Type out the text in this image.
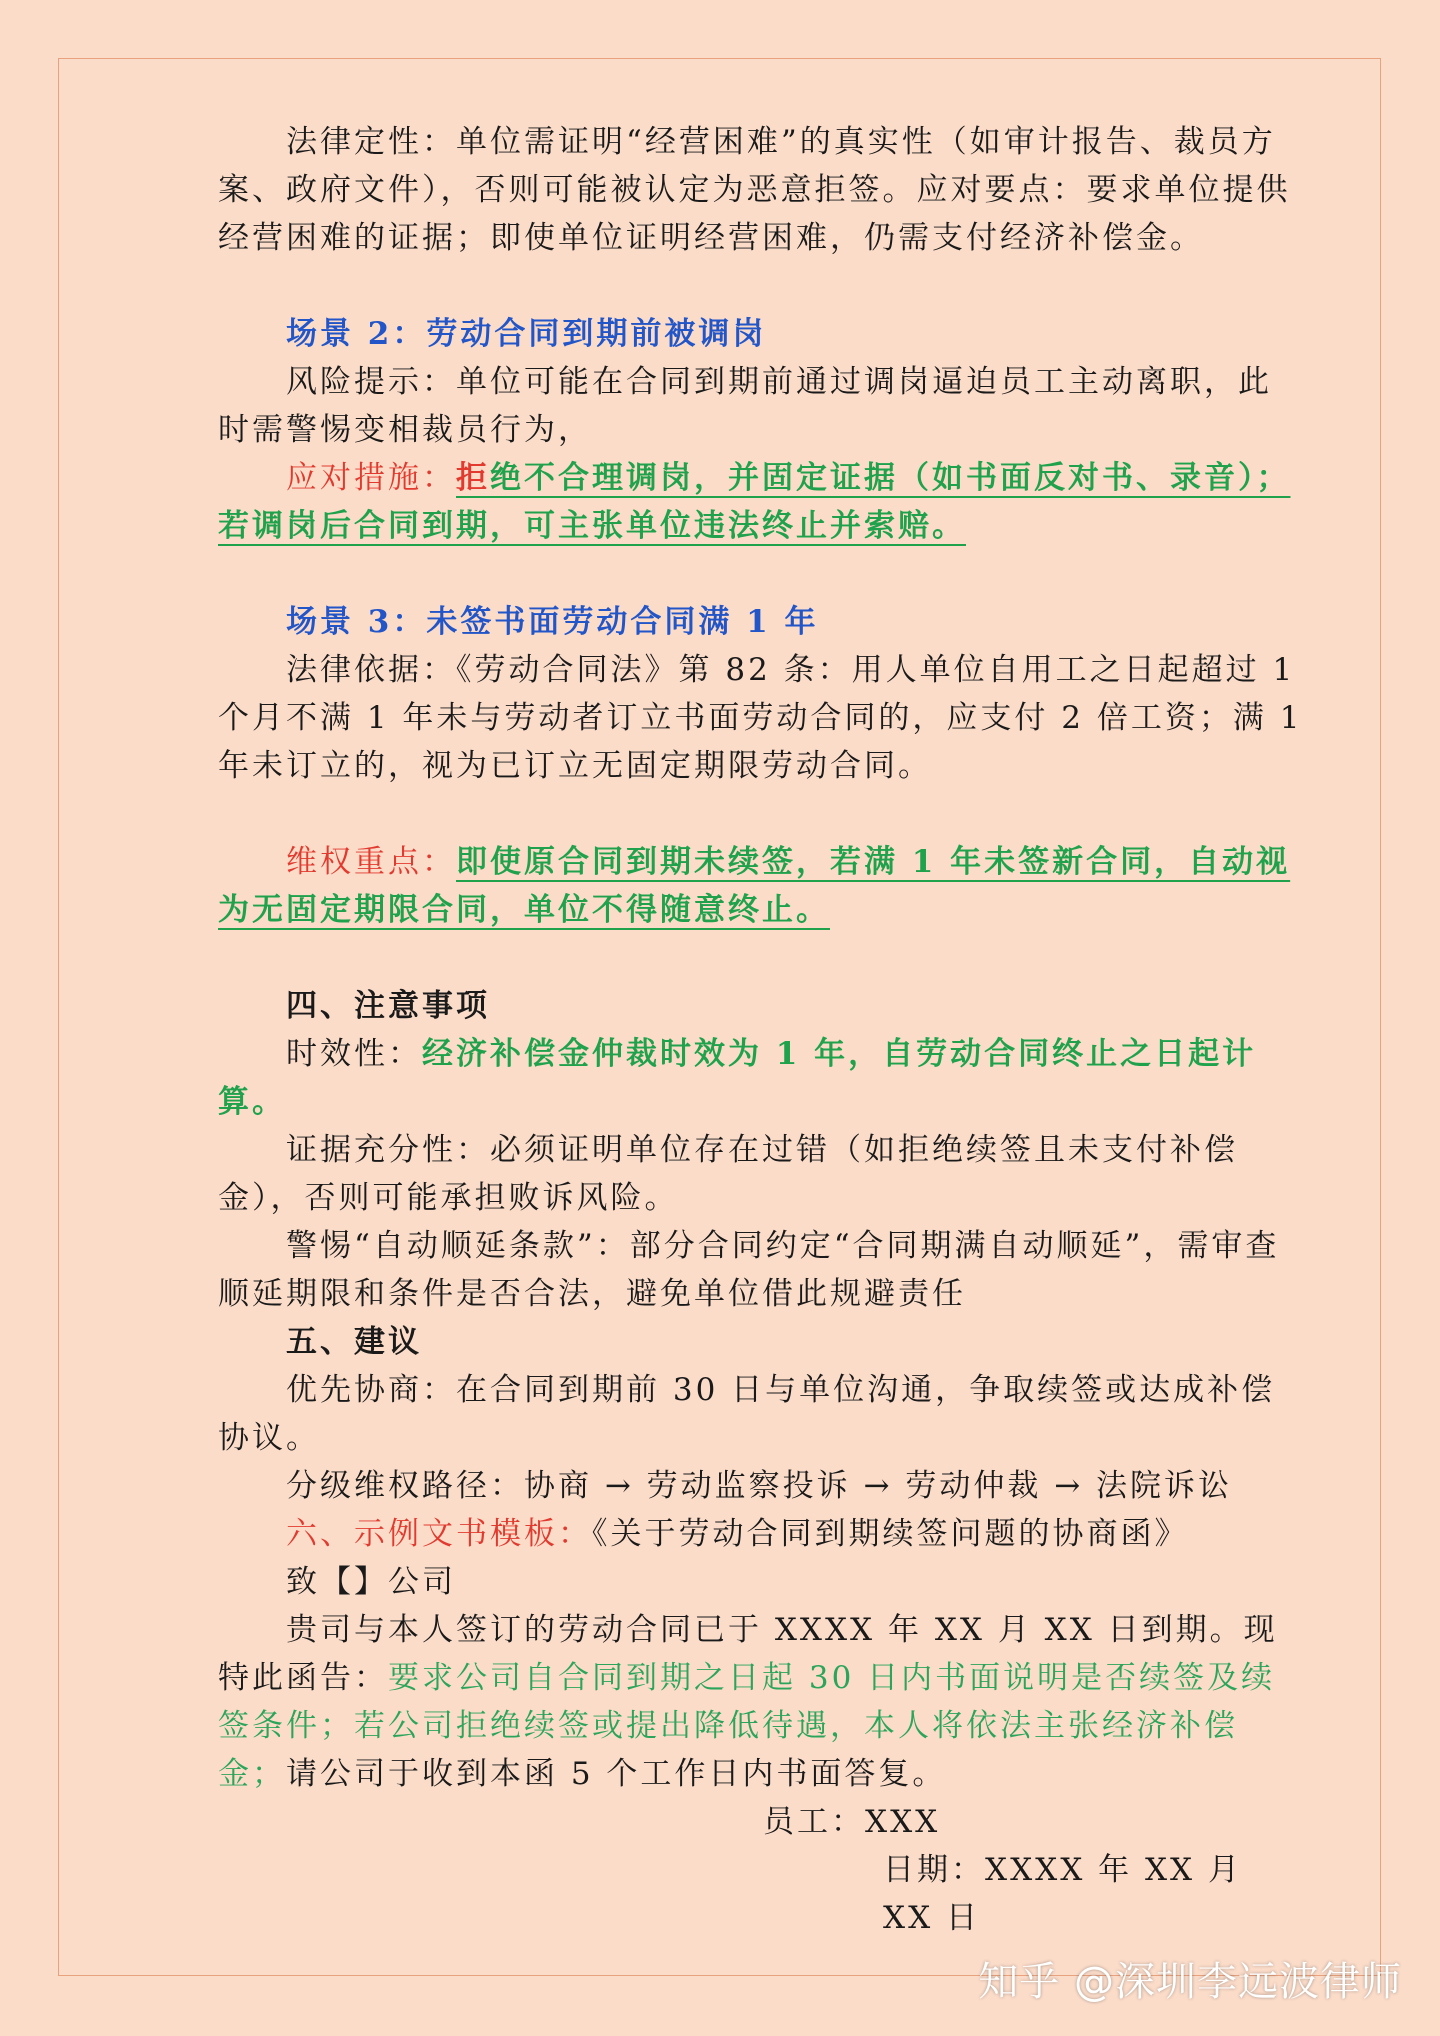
法律定性：单位需证明“经营困难”的真实性（如审计报告、裁员方案、政府文件），否则可能被认定为恶意拒签。应对要点：要求单位提供经营困难的证据；即使单位证明经营困难，仍需支付经济补偿金。

场景 2：劳动合同到期前被调岗

风险提示：单位可能在合同到期前通过调岗逼迫员工主动离职，此时需警惕变相裁员行为，

应对措施：拒绝不合理调岗，并固定证据（如书面反对书、录音）；若调岗后合同到期，可主张单位违法终止并索赔。

场景 3：未签书面劳动合同满 1 年

法律依据：《劳动合同法》第 82 条：用人单位自用工之日起超过 1 个月不满 1 年未与劳动者订立书面劳动合同的，应支付 2 倍工资；满 1 年未订立的，视为已订立无固定期限劳动合同。

维权重点：即使原合同到期未续签，若满 1 年未签新合同，自动视为无固定期限合同，单位不得随意终止。

四、注意事项

时效性：经济补偿金仲裁时效为 1 年，自劳动合同终止之日起计算。

证据充分性：必须证明单位存在过错（如拒绝续签且未支付补偿金），否则可能承担败诉风险。

警惕“自动顺延条款”：部分合同约定“合同期满自动顺延”，需审查顺延期限和条件是否合法，避免单位借此规避责任

五、建议

优先协商：在合同到期前 30 日与单位沟通，争取续签或达成补偿协议。

分级维权路径：协商 → 劳动监察投诉 → 劳动仲裁 → 法院诉讼

六、示例文书模板：《关于劳动合同到期续签问题的协商函》

致【】公司

贵司与本人签订的劳动合同已于 XXXX 年 XX 月 XX 日到期。现特此函告：要求公司自合同到期之日起 30 日内书面说明是否续签及续签条件；若公司拒绝续签或提出降低待遇，本人将依法主张经济补偿金；请公司于收到本函 5 个工作日内书面答复。

员工：XXX

日期：XXXX 年 XX 月 XX 日

知乎 @深圳李远波律师
